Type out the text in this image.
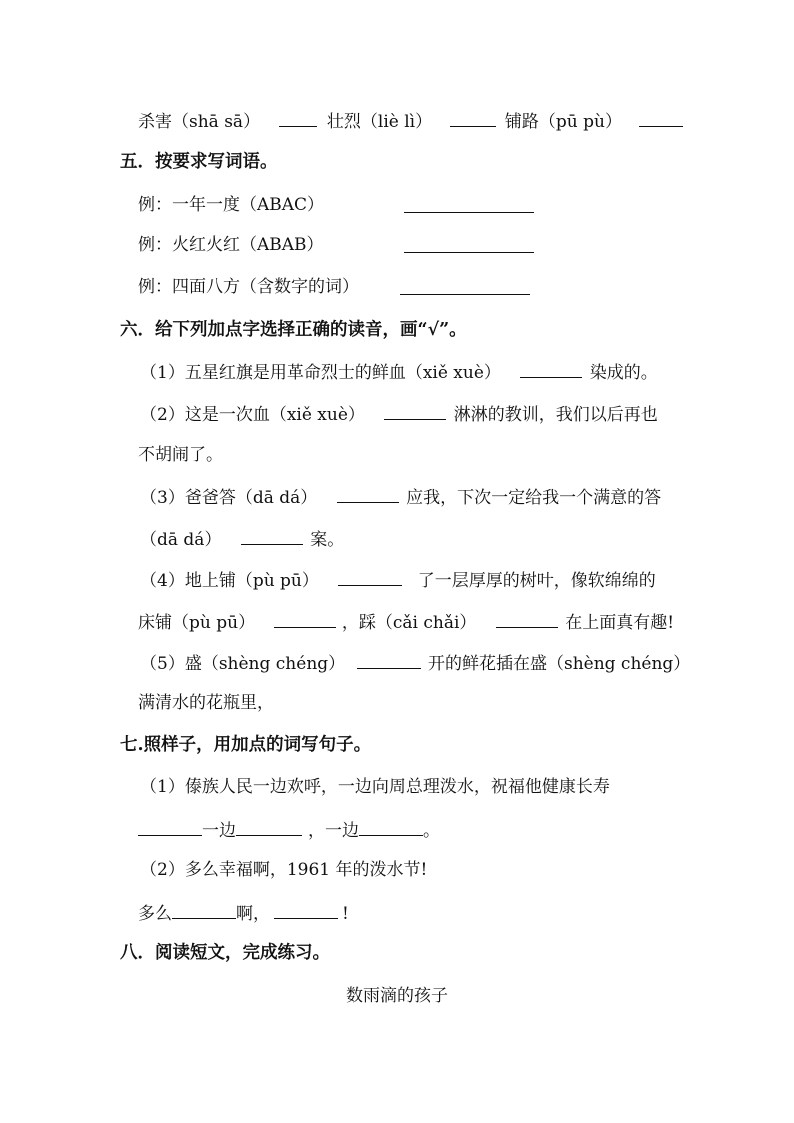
杀害（shā sā）	壮烈（liè lì）	铺路（pū pù）
五．按要求写词语。
例：一年一度（ABAC）
例：火红火红（ABAB）
例：四面八方（含数字的词）
六．给下列加点字选择正确的读音，画“√”。
（1）五星红旗是用革命烈士的鲜血（xiě xuè）	染成的。
（2）这是一次血（xiě xuè）	淋淋的教训，我们以后再也
不胡闹了。
（3）爸爸答（dā dá）	应我，下次一定给我一个满意的答
（dā dá）	案。
（4）地上铺（pù pū）	了一层厚厚的树叶，像软绵绵的
床铺（pù pū）	，踩（cǎi chǎi）	在上面真有趣!
（5）盛（shèng chéng）	开的鲜花插在盛（shèng chéng）
满清水的花瓶里，
七.照样子，用加点的词写句子。
（1）傣族人民一边欢呼，一边向周总理泼水，祝福他健康长寿
一边	，一边	。
（2）多么幸福啊，1961 年的泼水节!
多么	啊，	!
八．阅读短文，完成练习。
数雨滴的孩子
